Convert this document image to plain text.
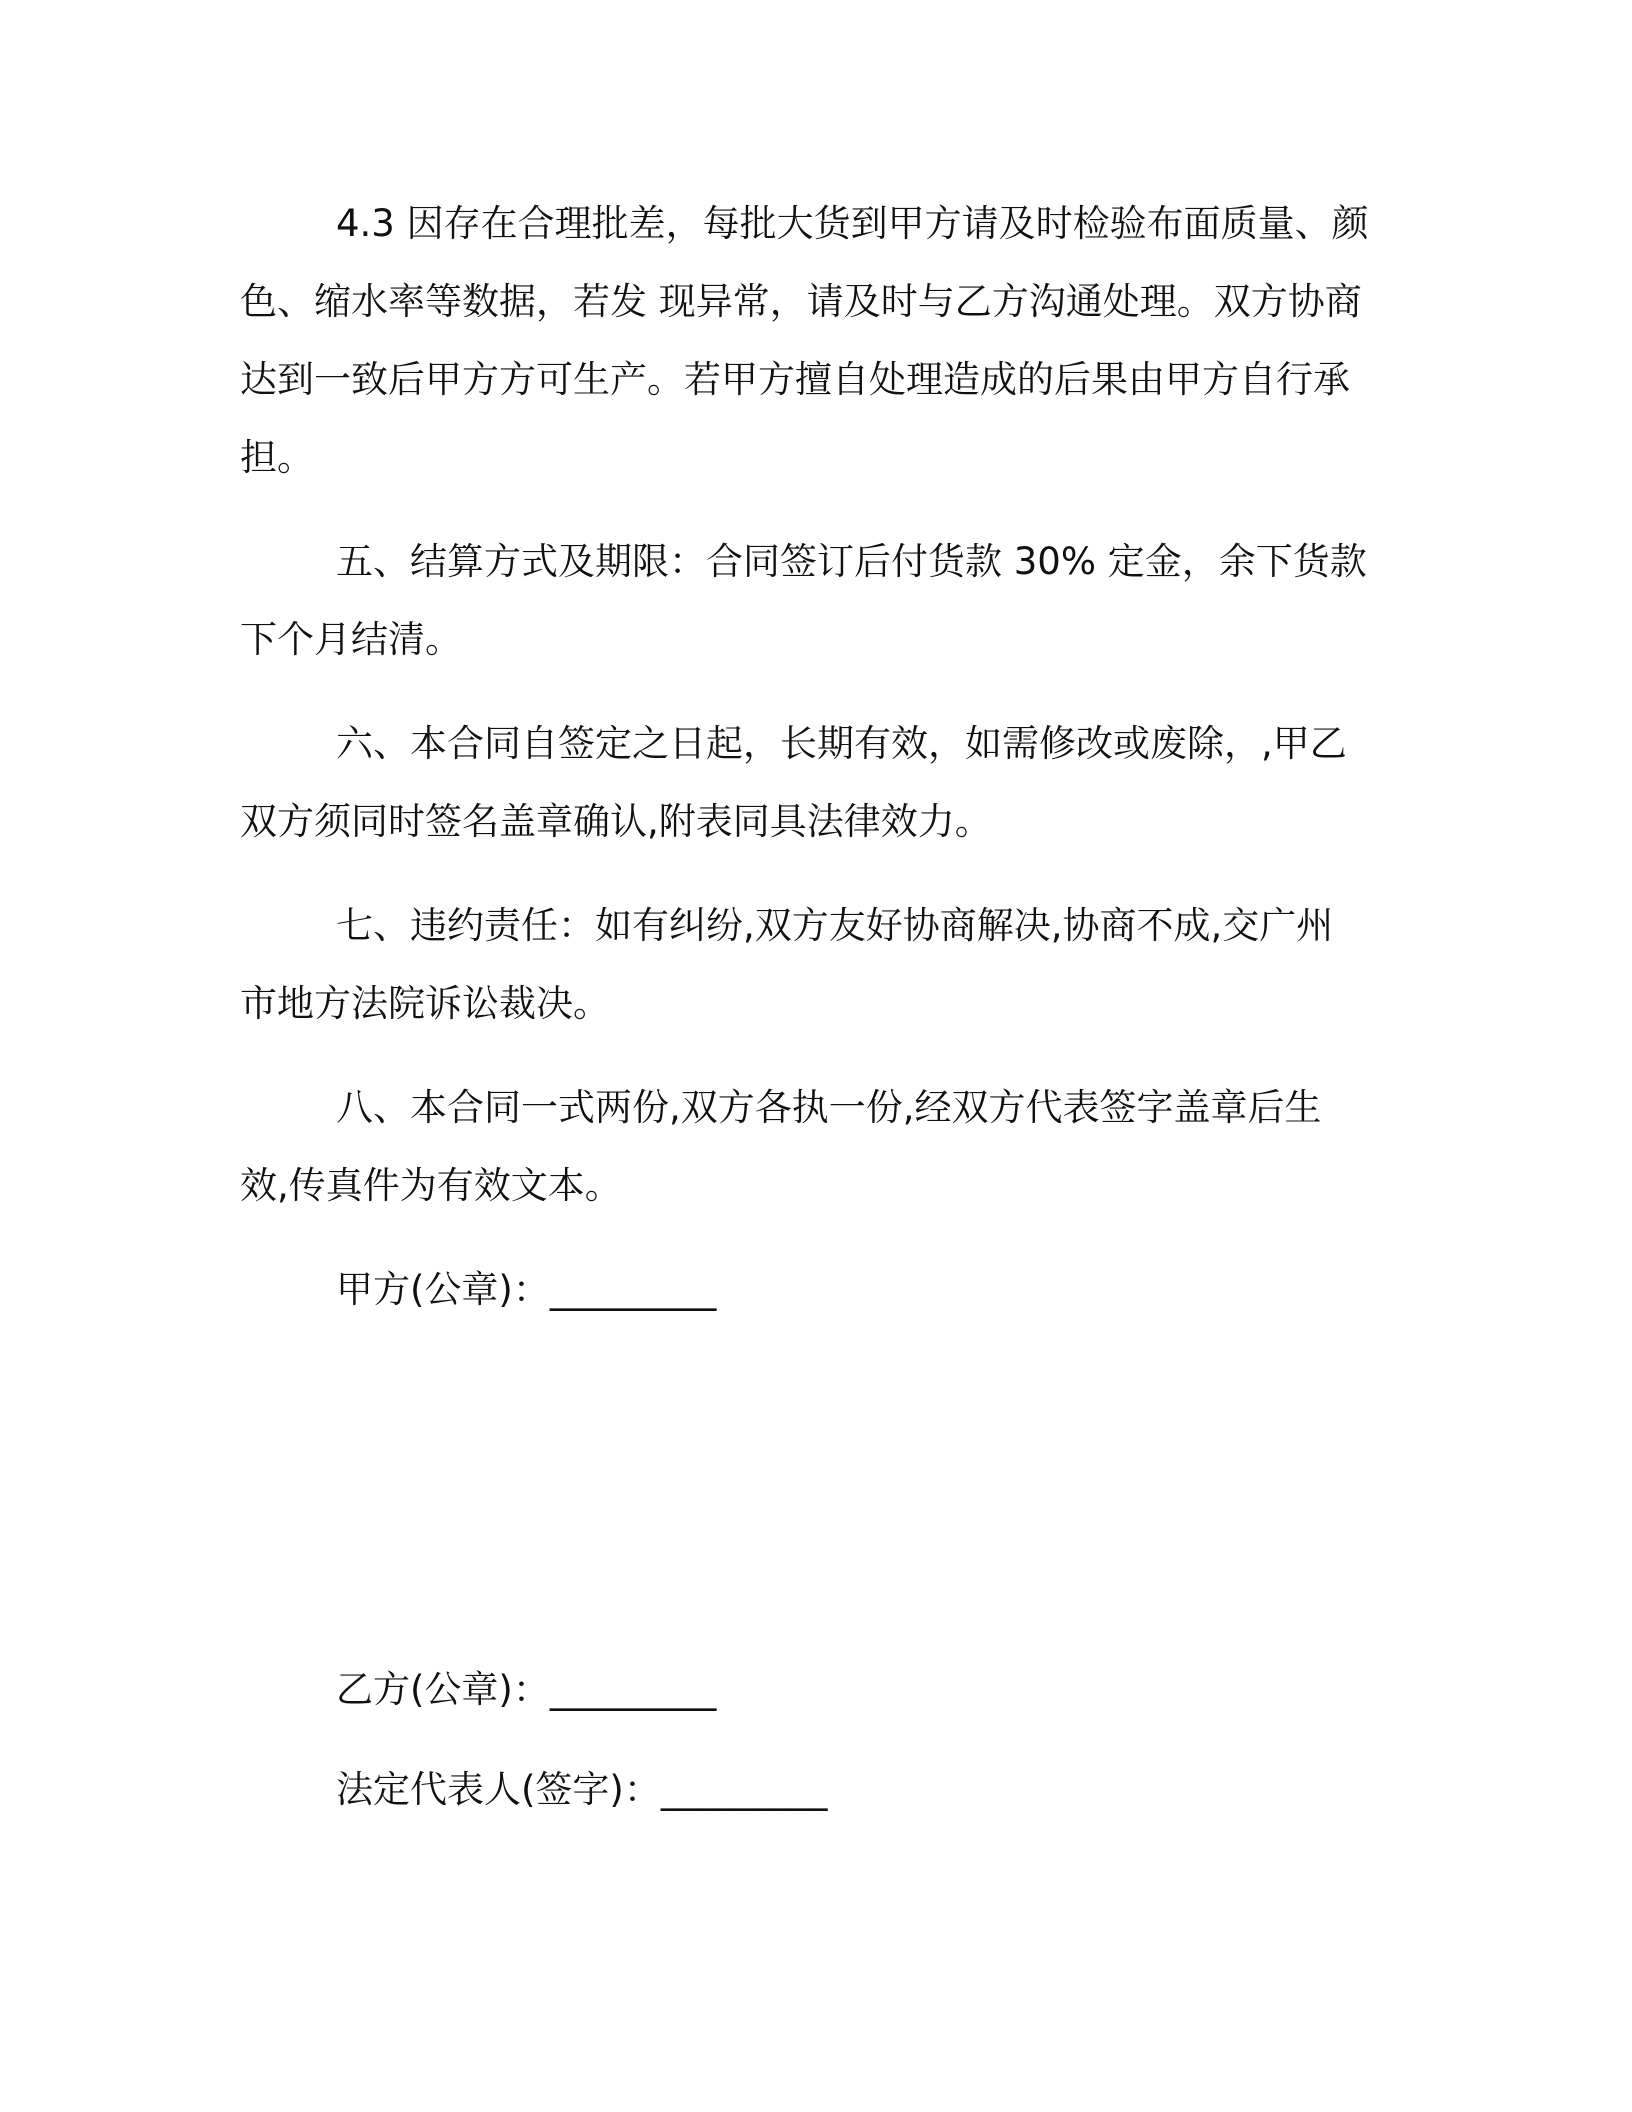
4.3 因存在合理批差，每批大货到甲方请及时检验布面质量、颜色、缩水率等数据，若发 现异常，请及时与乙方沟通处理。双方协商达到一致后甲方方可生产。若甲方擅自处理造成的后果由甲方自行承担。

五、结算方式及期限：合同签订后付货款 30% 定金，余下货款下个月结清。

六、本合同自签定之日起，长期有效，如需修改或废除，,甲乙双方须同时签名盖章确认,附表同具法律效力。

七、违约责任：如有纠纷,双方友好协商解决,协商不成,交广州市地方法院诉讼裁决。

八、本合同一式两份,双方各执一份,经双方代表签字盖章后生效,传真件为有效文本。

甲方(公章)：_________

乙方(公章)：_________

法定代表人(签字)：_________
